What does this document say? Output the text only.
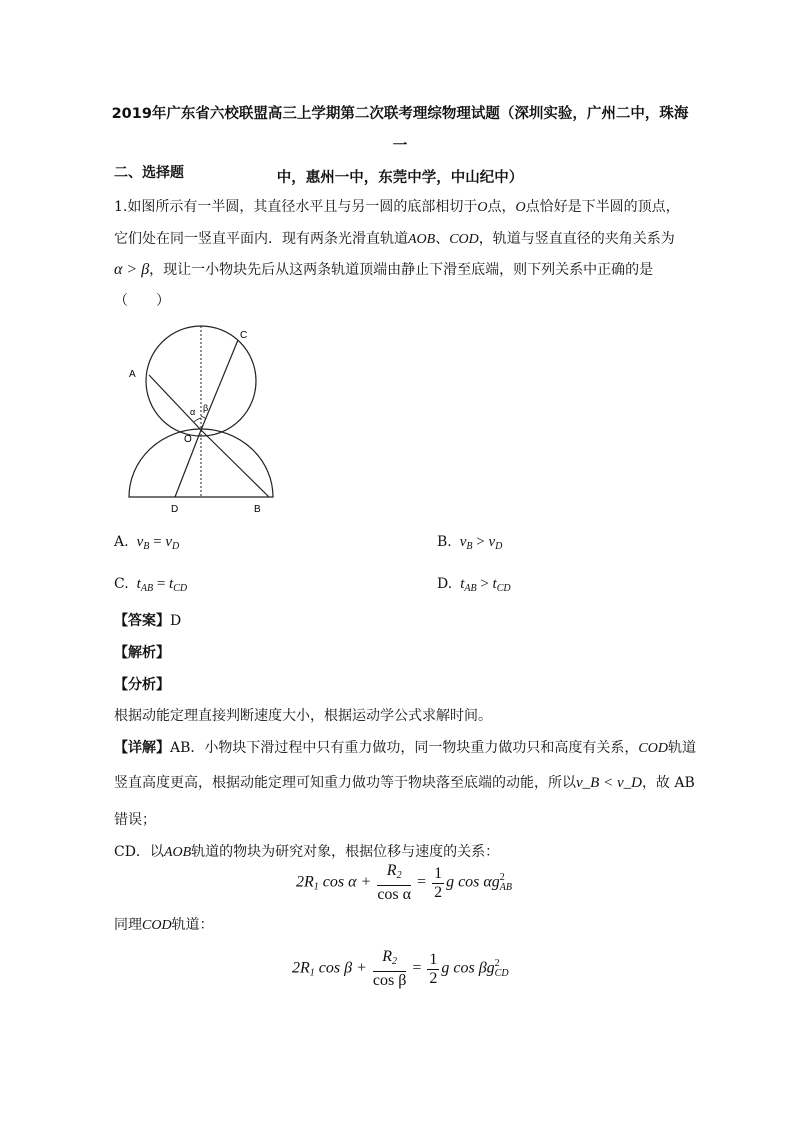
2019年广东省六校联盟高三上学期第二次联考理综物理试题（深圳实验，广州二中，珠海一
中，惠州一中，东莞中学，中山纪中）
二、选择题
1.如图所示有一半圆，其直径水平且与另一圆的底部相切于O点，O点恰好是下半圆的顶点，
它们处在同一竖直平面内．现有两条光滑直轨道AOB、COD，轨道与竖直直径的夹角关系为
α > β，现让一小物块先后从这两条轨道顶端由静止下滑至底端，则下列关系中正确的是
（　　）
A
C
α β
O
D	B
A. $v_B = v_D$	B. $v_B > v_D$
C. $t_{AB} = t_{CD}$	D. $t_{AB} > t_{CD}$
【答案】D
【解析】
【分析】
根据动能定理直接判断速度大小，根据运动学公式求解时间。
【详解】AB．小物块下滑过程中只有重力做功，同一物块重力做功只和高度有关系，COD轨道
竖直高度更高，根据动能定理可知重力做功等于物块落至底端的动能，所以v_B < v_D，故 AB
错误；
CD．以AOB轨道的物块为研究对象，根据位移与速度的关系：
$2R_1$ $\cos \alpha + \frac{R_2}{\text{cos α}} = \frac{1}{2}$ g cos αg 2
AB
同理COD轨道：
$2R_1$ $\cos \beta + \frac{R_2}{\text{cos β}} = \frac{1}{2}$ g cos βg 2
CD
